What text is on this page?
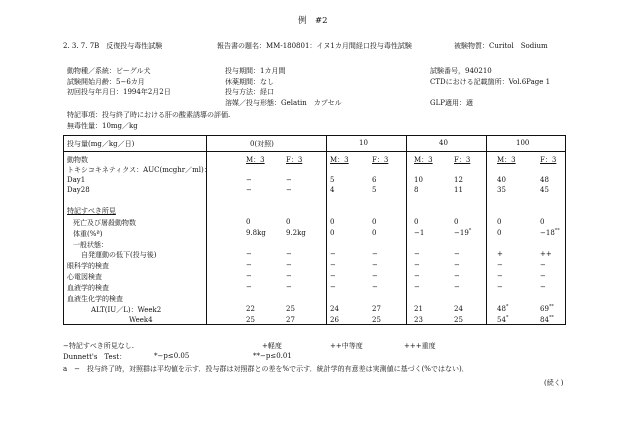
例　#2
2. 3. 7. 7B　反復投与毒性試験	報告書の題名：MM-180801：イヌ1カ月間経口投与毒性試験	被験物質：Curitol　Sodium
動物種／系統：ビーグル犬	投与期間：1カ月間	試験番号，940210
試験開始月齢：5−6カ月	休薬期間：なし	CTDにおける記載箇所：Vol.6Page 1
初回投与年月日：1994年2月2日	投与方法：経口
溶媒／投与形態：Gelatin　カプセル	GLP適用：適
特記事項：投与終了時における肝の酸素誘導の評価.
無毒性量：10mg／kg
投与量(mg／kg／日)	0(対照)	10	40	100
動物数	M：3	F：3	M：3	F：3	M：3	F：3	M：3	F：3
トキシコキネティクス：AUC(mcghr／ml)：
Day1	−	−	5	6	10	12	40	48
Day28	−	−	4	5	8	11	35	45
特記すべき所見
死亡及び屠殺動物数	0	0	0	0	0	0	0	0
体重(%ª)	9.8kg	9.2kg	0	0	−1	−19*	0	−18**
一般状態：
自発運動の低下(投与後)	−	−	−	−	−	−	+	++
眼科学的検査	−	−	−	−	−	−	−	−
心電図検査	−	−	−	−	−	−	−	−
血液学的検査	−	−	−	−	−	−	−	−
血液生化学的検査
ALT(IU／L)：Week2	22	25	24	27	21	24	48*	69**
Week4	25	27	26	25	23	25	54*	84**
−特記すべき所見なし.	+軽度	++中等度	+++重度
Dunnett's　Test：	*−p≤0.05	**−p≤0.01
a　−　投与終了時，対照群は平均値を示す．投与群は対照群との差を%で示す．統計学的有意差は実測値に基づく(%ではない)．
(続く)
